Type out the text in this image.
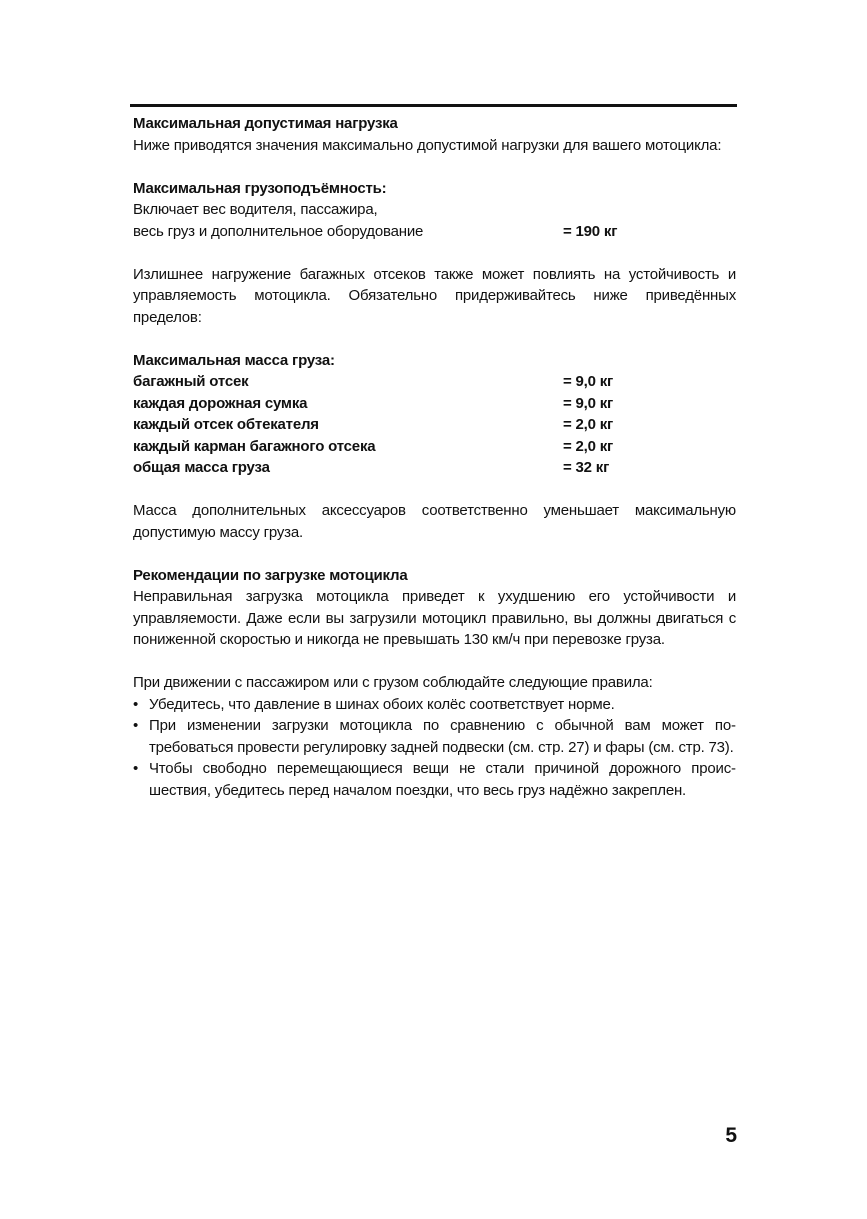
Максимальная допустимая нагрузка

Ниже приводятся значения максимально допустимой нагрузки для вашего мотоцикла:

Максимальная грузоподъёмность:

Включает вес водителя, пассажира,

весь груз и дополнительное оборудование	= 190 кг

Излишнее нагружение багажных отсеков также может повлиять на устойчивость и управляемость мотоцикла. Обязательно придерживайтесь ниже приведённых пределов:

Максимальная масса груза:

багажный отсек	= 9,0 кг
каждая дорожная сумка	= 9,0 кг
каждый отсек обтекателя	= 2,0 кг
каждый карман багажного отсека	= 2,0 кг
общая масса груза	= 32 кг

Масса дополнительных аксессуаров соответственно уменьшает максимальную допустимую массу груза.

Рекомендации по загрузке мотоцикла

Неправильная загрузка мотоцикла приведет к ухудшению его устойчивости и управляемости. Даже если вы загрузили мотоцикл правильно, вы должны двигаться с пониженной скоростью и никогда не превышать 130 км/ч при перевозке груза.

При движении с пассажиром или с грузом соблюдайте следующие правила:

• Убедитесь, что давление в шинах обоих колёс соответствует норме.
• При изменении загрузки мотоцикла по сравнению с обычной вам может потребоваться провести регулировку задней подвески (см. стр. 27) и фары (см. стр. 73).
• Чтобы свободно перемещающиеся вещи не стали причиной дорожного происшествия, убедитесь перед началом поездки, что весь груз надёжно закреплен.
5
